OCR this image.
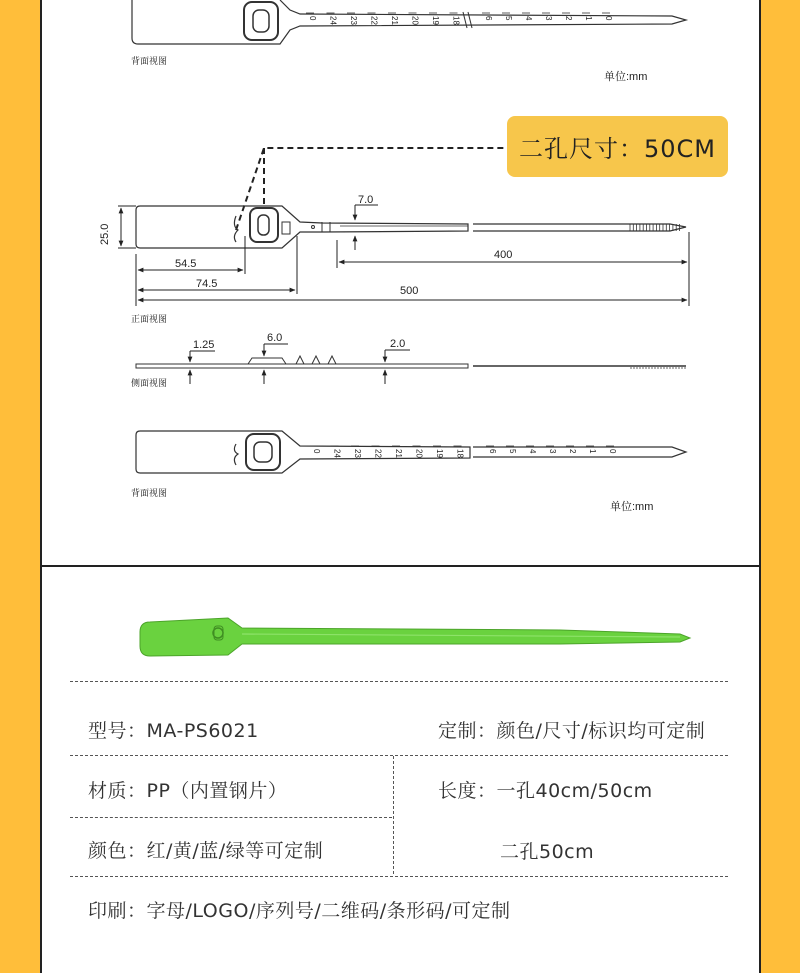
0 24 23 22 21 20 19 18	6 5 4 3 2 1 0
背面视图
单位:mm
7.0
25.0
54.5
74.5
400
500
正面视图
1.25
6.0	2.0
侧面视图
0 24 23 22 21 20 19 18	6 5 4 3 2 1 0
背面视图
单位:mm
二孔尺寸：50CM
型号：MA-PS6021	定制：颜色/尺寸/标识均可定制
材质：PP（内置钢片）	长度：一孔40cm/50cm
颜色：红/黄/蓝/绿等可定制	二孔50cm
印刷：字母/LOGO/序列号/二维码/条形码/可定制
